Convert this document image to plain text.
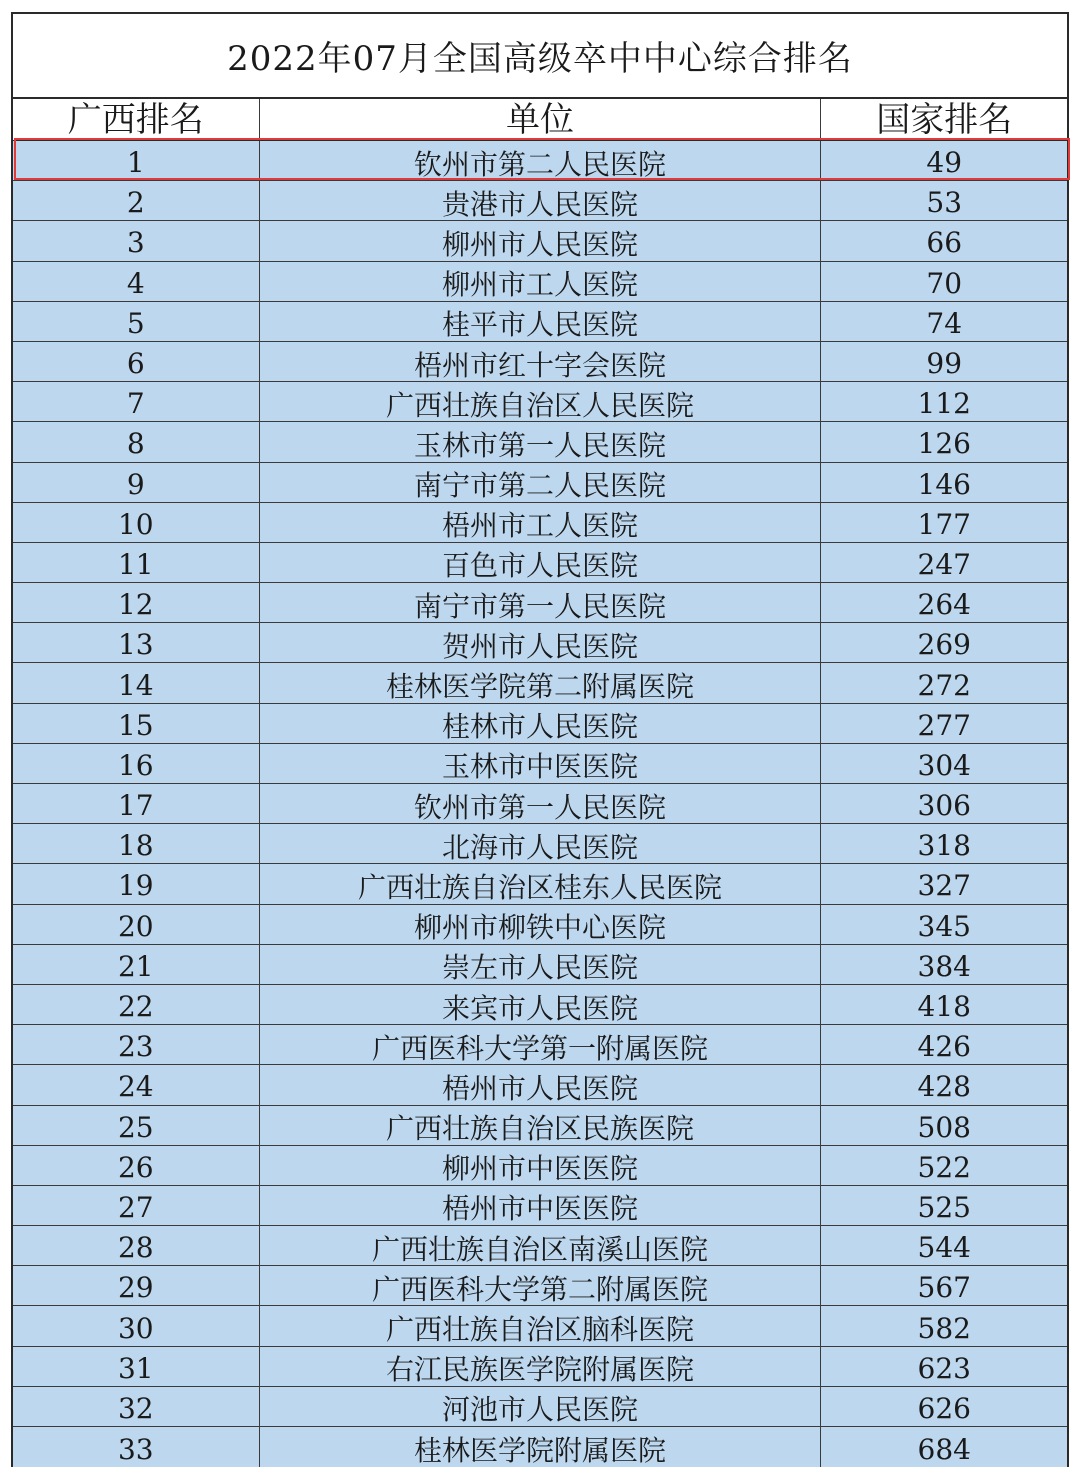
2022年07月全国高级卒中中心综合排名
广西排名	单位	国家排名
1	钦州市第二人民医院	49
2	贵港市人民医院	53
3	柳州市人民医院	66
4	柳州市工人医院	70
5	桂平市人民医院	74
6	梧州市红十字会医院	99
7	广西壮族自治区人民医院	112
8	玉林市第一人民医院	126
9	南宁市第二人民医院	146
10	梧州市工人医院	177
11	百色市人民医院	247
12	南宁市第一人民医院	264
13	贺州市人民医院	269
14	桂林医学院第二附属医院	272
15	桂林市人民医院	277
16	玉林市中医医院	304
17	钦州市第一人民医院	306
18	北海市人民医院	318
19	广西壮族自治区桂东人民医院	327
20	柳州市柳铁中心医院	345
21	崇左市人民医院	384
22	来宾市人民医院	418
23	广西医科大学第一附属医院	426
24	梧州市人民医院	428
25	广西壮族自治区民族医院	508
26	柳州市中医医院	522
27	梧州市中医医院	525
28	广西壮族自治区南溪山医院	544
29	广西医科大学第二附属医院	567
30	广西壮族自治区脑科医院	582
31	右江民族医学院附属医院	623
32	河池市人民医院	626
33	桂林医学院附属医院	684
